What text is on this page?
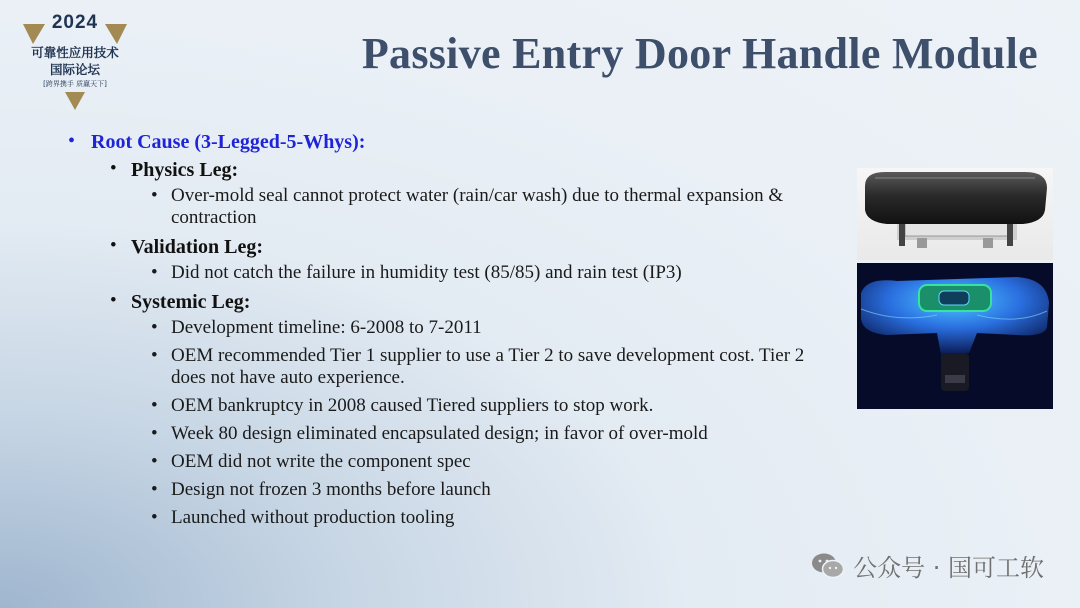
2024
可靠性应用技术
国际论坛
[跨界携手 质赢天下]
Passive Entry Door Handle Module
• Root Cause (3-Legged-5-Whys):
• Physics Leg:
• Over-mold seal cannot protect water (rain/car wash) due to thermal expansion & contraction
• Validation Leg:
• Did not catch the failure in humidity test (85/85) and rain test (IP3)
• Systemic Leg:
• Development timeline: 6-2008 to 7-2011
• OEM recommended Tier 1 supplier to use a Tier 2 to save development cost. Tier 2 does not have auto experience.
• OEM bankruptcy in 2008 caused Tiered suppliers to stop work.
• Week 80 design eliminated encapsulated design; in favor of over-mold
• OEM did not write the component spec
• Design not frozen 3 months before launch
• Launched without production tooling
公众号 · 国可工软
